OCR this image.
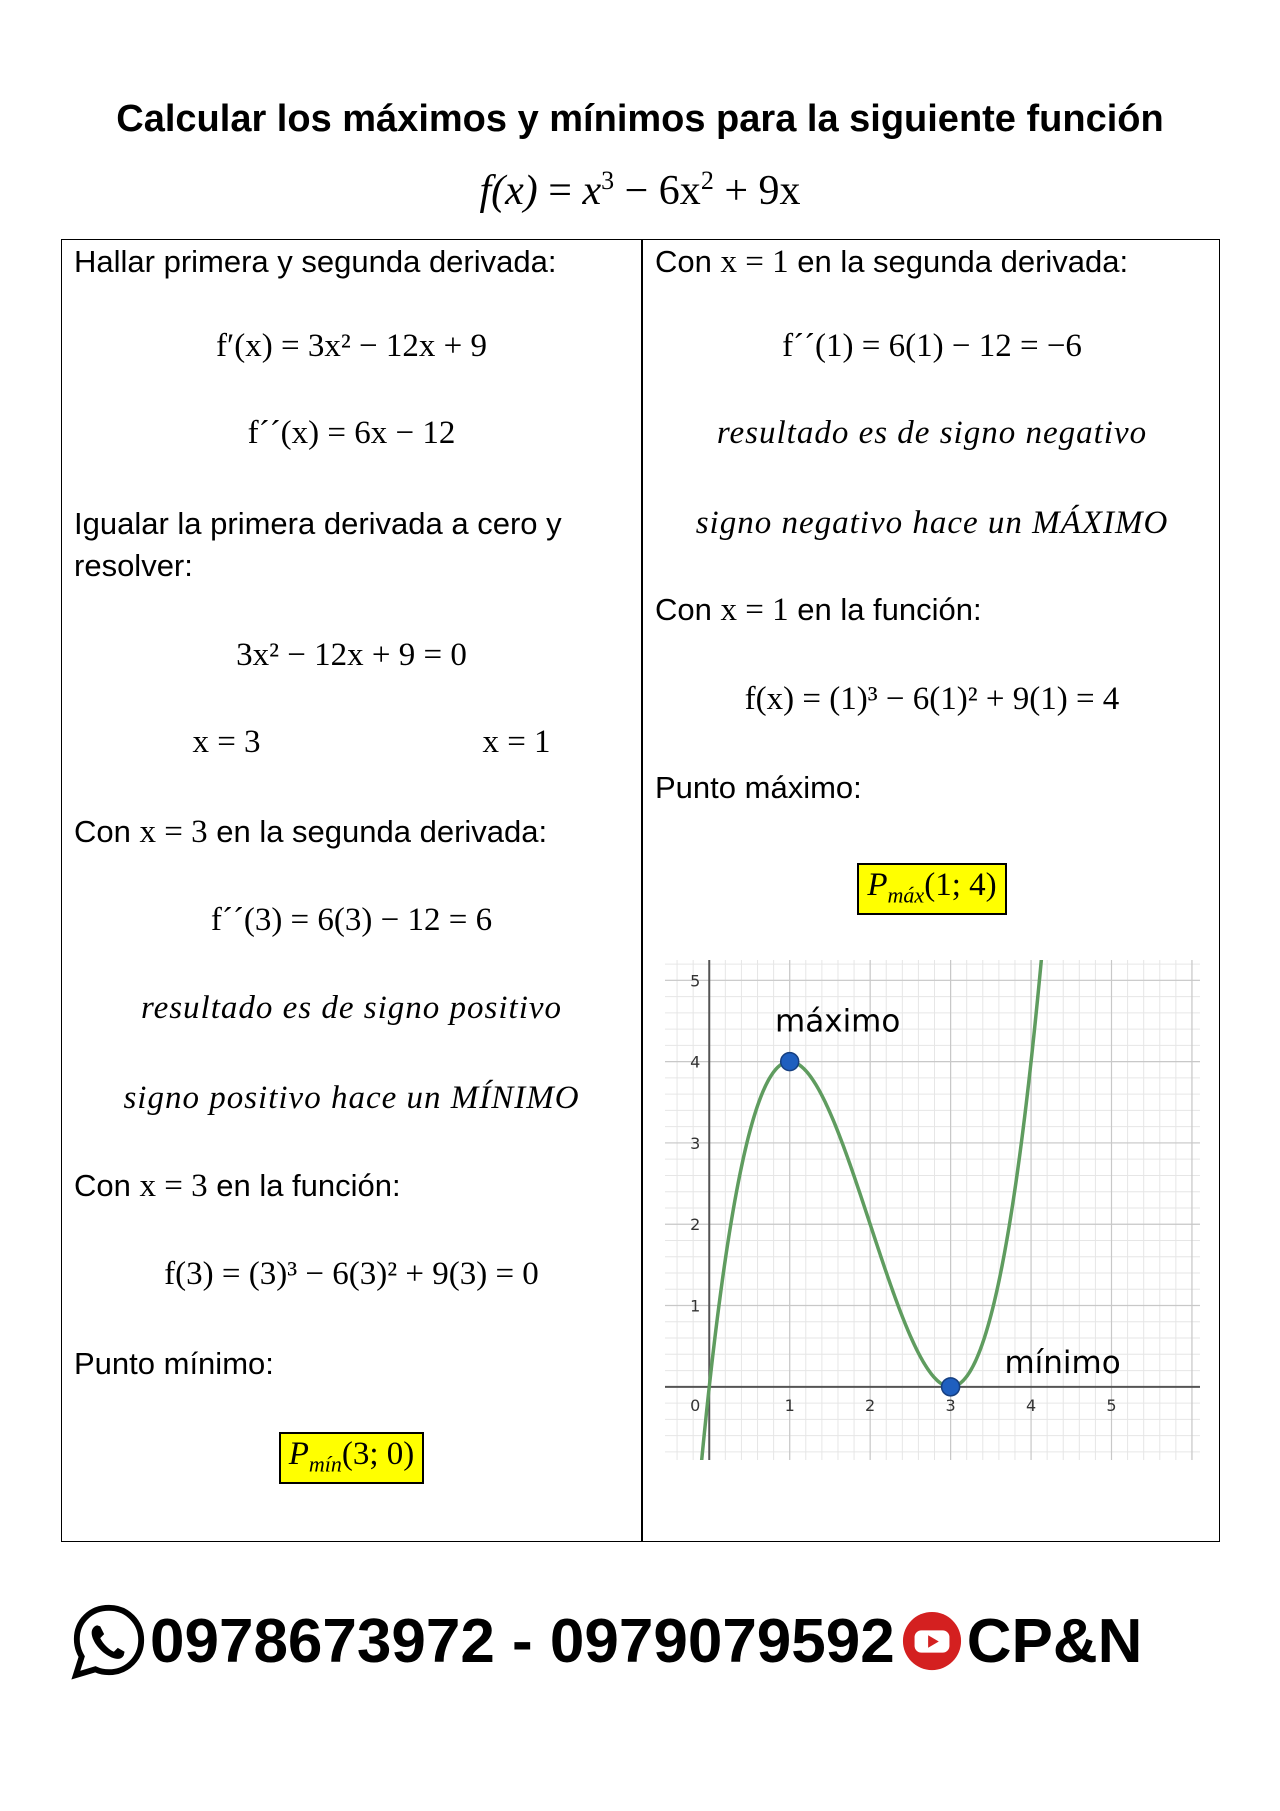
Calcular los máximos y mínimos para la siguiente función
$f(x) = x^3 - 6x^2 + 9x$
Hallar primera y segunda derivada:
f′(x) = 3x² − 12x + 9
f´´(x) = 6x − 12
Igualar la primera derivada a cero y
resolver:
3x² − 12x + 9 = 0
x = 3	x = 1
Con x = 3 en la segunda derivada:
f´´(3) = 6(3) − 12 = 6
resultado es de signo positivo
signo positivo hace un MÍNIMO
Con x = 3 en la función:
f(3) = (3)³ − 6(3)² + 9(3) = 0
Punto mínimo:
$P_{mín}(3$; 0)
Con x = 1 en la segunda derivada:
f´´(1) = 6(1) − 12 = −6
resultado es de signo negativo
signo negativo hace un MÁXIMO
Con x = 1 en la función:
f(x) = (1)³ − 6(1)² + 9(1) = 4
Punto máximo:
$P_{máx}(1$; 4)
0	1	2	3	4	5
1
2
3
4
5
máximo
mínimo
0978673972 - 0979079592 CP&N
